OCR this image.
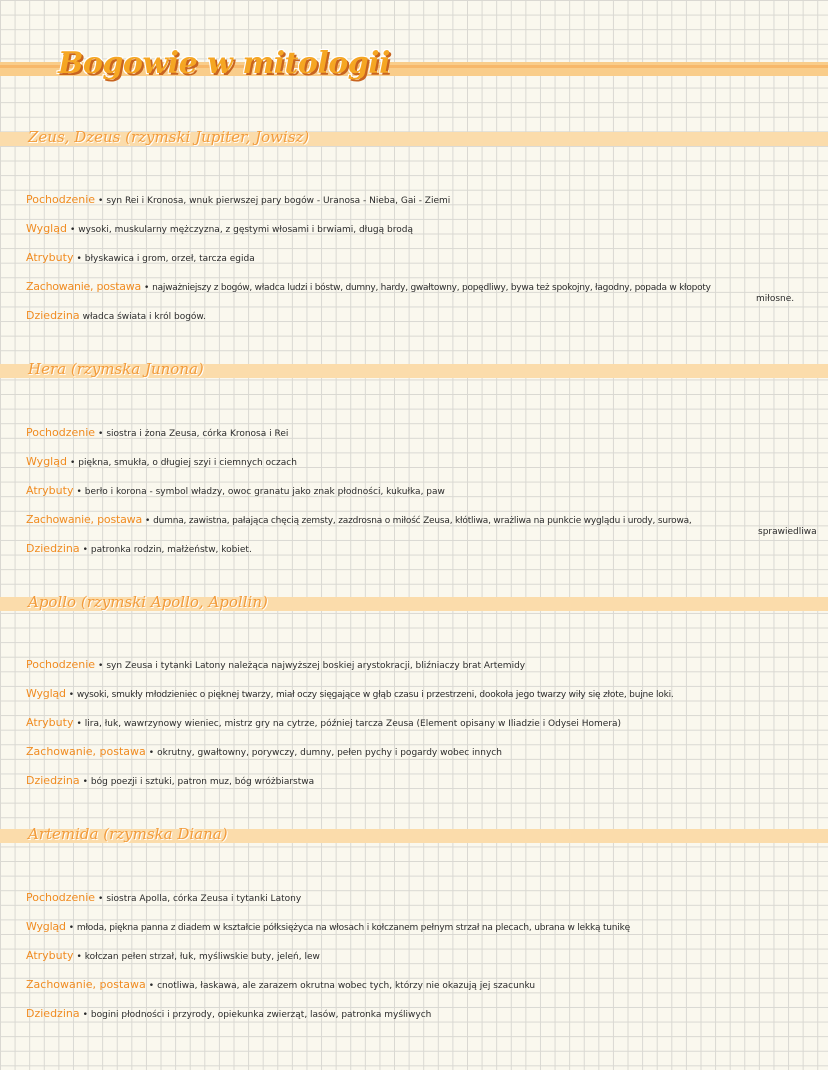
Bogowie w mitologii
Zeus, Dzeus (rzymski Jupiter, Jowisz)
Pochodzenie • syn Rei i Kronosa, wnuk pierwszej pary bogów - Uranosa - Nieba, Gai - Ziemi
Wygląd • wysoki, muskularny mężczyzna, z gęstymi włosami i brwiami, długą brodą
Atrybuty • błyskawica i grom, orzeł, tarcza egida
Zachowanie, postawa • najważniejszy z bogów, władca ludzi i bóstw, dumny, hardy, gwałtowny, popędliwy, bywa też spokojny, łagodny, popada w kłopoty
miłosne.
Dziedzina władca świata i król bogów.
Hera (rzymska Junona)
Pochodzenie • siostra i żona Zeusa, córka Kronosa i Rei
Wygląd • piękna, smukła, o długiej szyi i ciemnych oczach
Atrybuty • berło i korona - symbol władzy, owoc granatu jako znak płodności, kukułka, paw
Zachowanie, postawa • dumna, zawistna, pałająca chęcią zemsty, zazdrosna o miłość Zeusa, kłótliwa, wrażliwa na punkcie wyglądu i urody, surowa,
sprawiedliwa
Dziedzina • patronka rodzin, małżeństw, kobiet.
Apollo (rzymski Apollo, Apollin)
Pochodzenie • syn Zeusa i tytanki Latony należąca najwyższej boskiej arystokracji, bliźniaczy brat Artemidy
Wygląd • wysoki, smukły młodzieniec o pięknej twarzy, miał oczy sięgające w głąb czasu i przestrzeni, dookoła jego twarzy wiły się złote, bujne loki.
Atrybuty • lira, łuk, wawrzynowy wieniec, mistrz gry na cytrze, później tarcza Zeusa (Element opisany w Iliadzie i Odysei Homera)
Zachowanie, postawa • okrutny, gwałtowny, porywczy, dumny, pełen pychy i pogardy wobec innych
Dziedzina • bóg poezji i sztuki, patron muz, bóg wróżbiarstwa
Artemida (rzymska Diana)
Pochodzenie • siostra Apolla, córka Zeusa i tytanki Latony
Wygląd • młoda, piękna panna z diadem w kształcie półksiężyca na włosach i kołczanem pełnym strzał na plecach, ubrana w lekką tunikę
Atrybuty • kołczan pełen strzał, łuk, myśliwskie buty, jeleń, lew
Zachowanie, postawa • cnotliwa, łaskawa, ale zarazem okrutna wobec tych, którzy nie okazują jej szacunku
Dziedzina • bogini płodności i przyrody, opiekunka zwierząt, lasów, patronka myśliwych
